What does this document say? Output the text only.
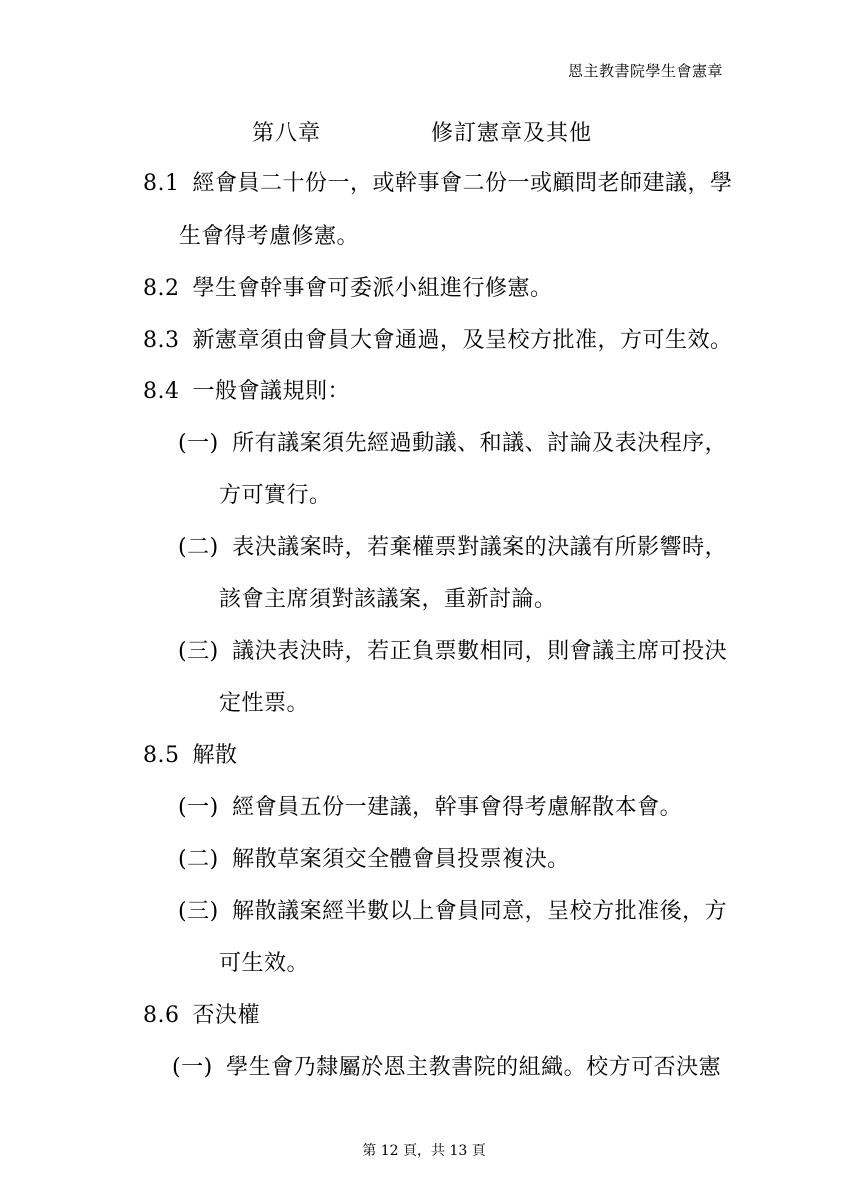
恩主教書院學生會憲章
第八章	修訂憲章及其他
8.1 經會員二十份一，或幹事會二份一或顧問老師建議，學
生會得考慮修憲。
8.2 學生會幹事會可委派小組進行修憲。
8.3 新憲章須由會員大會通過，及呈校方批准，方可生效。
8.4 一般會議規則：
(一) 所有議案須先經過動議、和議、討論及表決程序，
方可實行。
(二) 表決議案時，若棄權票對議案的決議有所影響時，
該會主席須對該議案，重新討論。
(三) 議決表決時，若正負票數相同，則會議主席可投決
定性票。
8.5 解散
(一) 經會員五份一建議，幹事會得考慮解散本會。
(二) 解散草案須交全體會員投票複決。
(三) 解散議案經半數以上會員同意，呈校方批准後，方
可生效。
8.6 否決權
(一) 學生會乃隸屬於恩主教書院的組織。校方可否決憲
第 12 頁，共 13 頁
